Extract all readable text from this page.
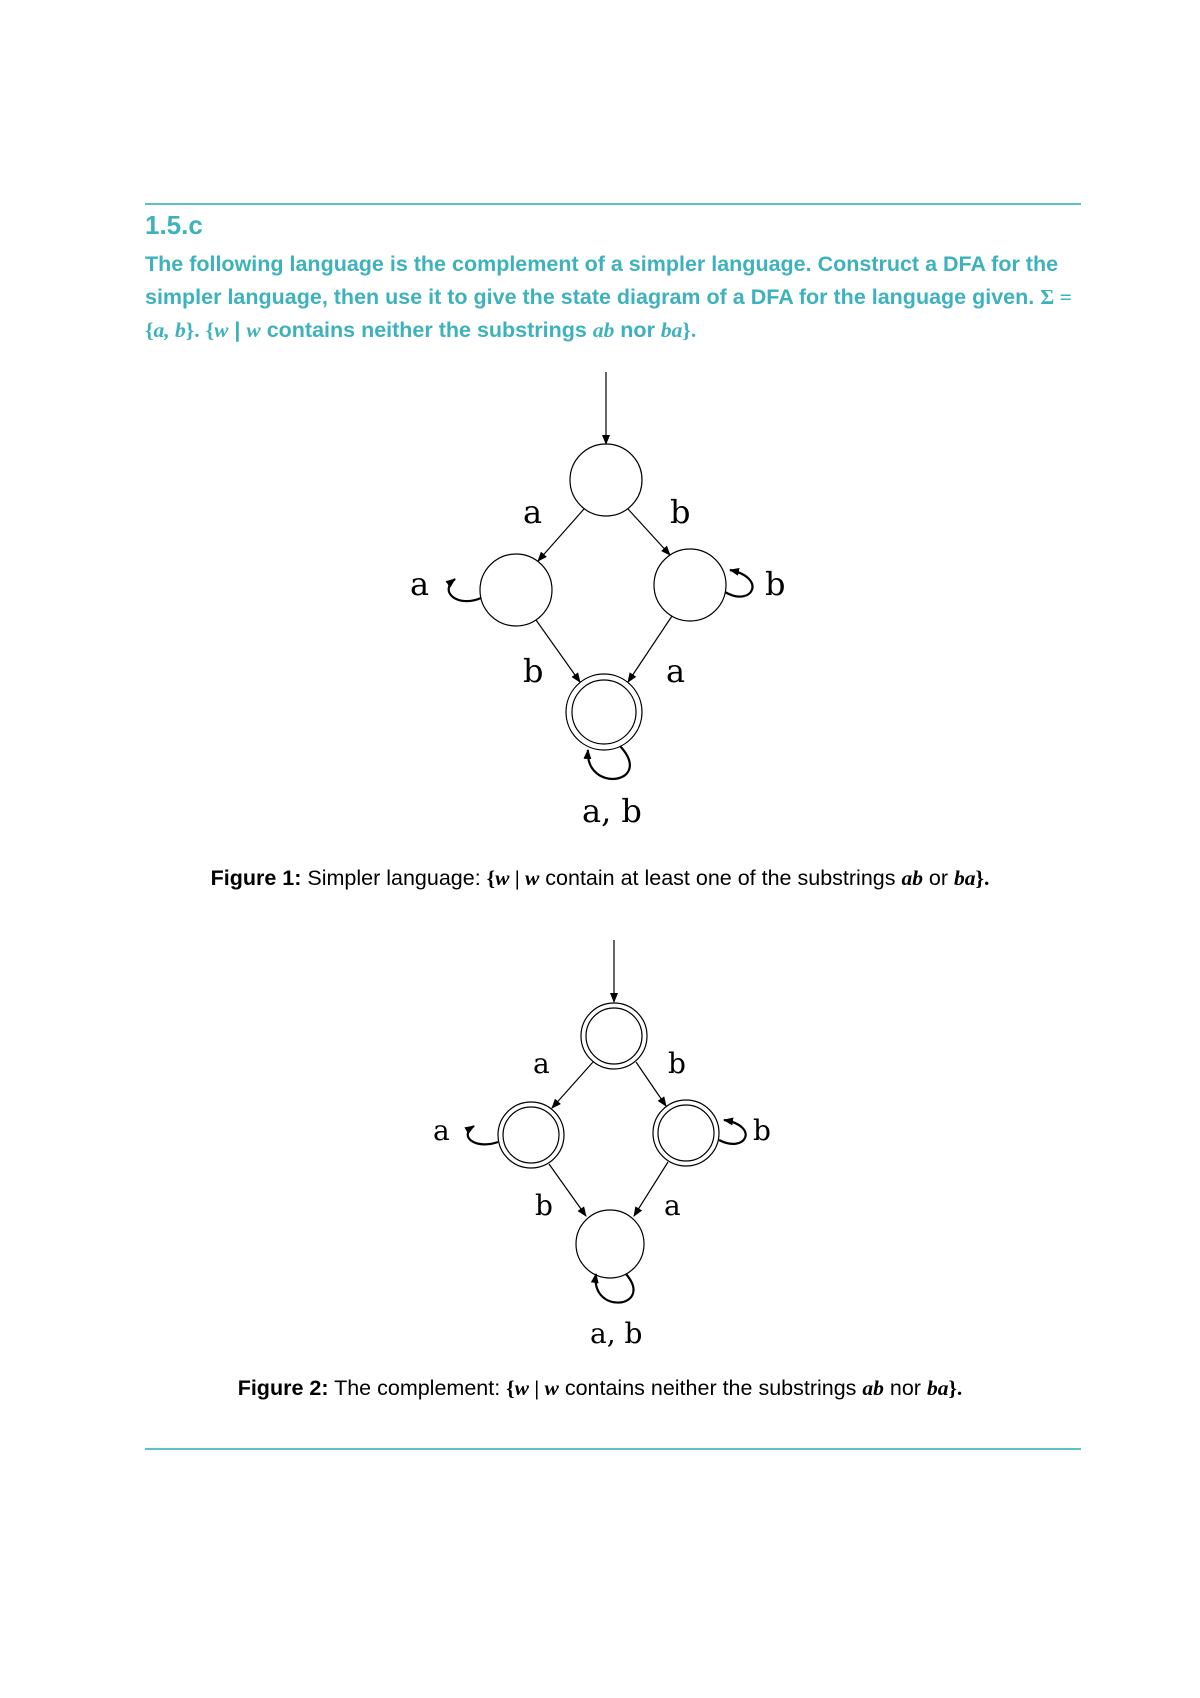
1.5.c
The following language is the complement of a simpler language. Construct a DFA for the simpler language, then use it to give the state diagram of a DFA for the language given. Σ = {a, b}. {w | w contains neither the substrings ab nor ba}.
a	b
a	b
b	a
a, b
Figure 1: Simpler language: {w | w contain at least one of the substrings ab or ba}.
a	b
a	b
b	a
a, b
Figure 2: The complement: {w | w contains neither the substrings ab nor ba}.
